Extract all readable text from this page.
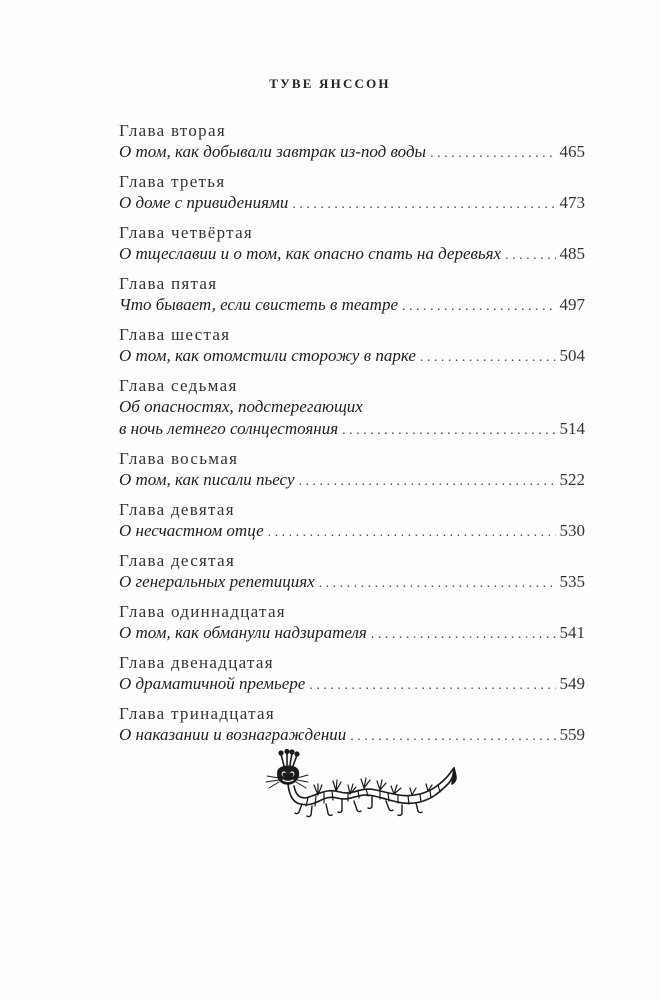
ТУВЕ ЯНССОН
Глава вторая
О том, как добывали завтрак из-под воды . . .	465
Глава третья
О доме с привидениями . . .	473
Глава четвёртая
О тщеславии и о том, как опасно спать на деревьях . . .	485
Глава пятая
Что бывает, если свистеть в театре . . .	497
Глава шестая
О том, как отомстили сторожу в парке . . .	504
Глава седьмая
Об опасностях, подстерегающих
в ночь летнего солнцестояния . . .	514
Глава восьмая
О том, как писали пьесу . . .	522
Глава девятая
О несчастном отце . . .	530
Глава десятая
О генеральных репетициях . . .	535
Глава одиннадцатая
О том, как обманули надзирателя . . .	541
Глава двенадцатая
О драматичной премьере . . .	549
Глава тринадцатая
О наказании и вознаграждении . . .	559
